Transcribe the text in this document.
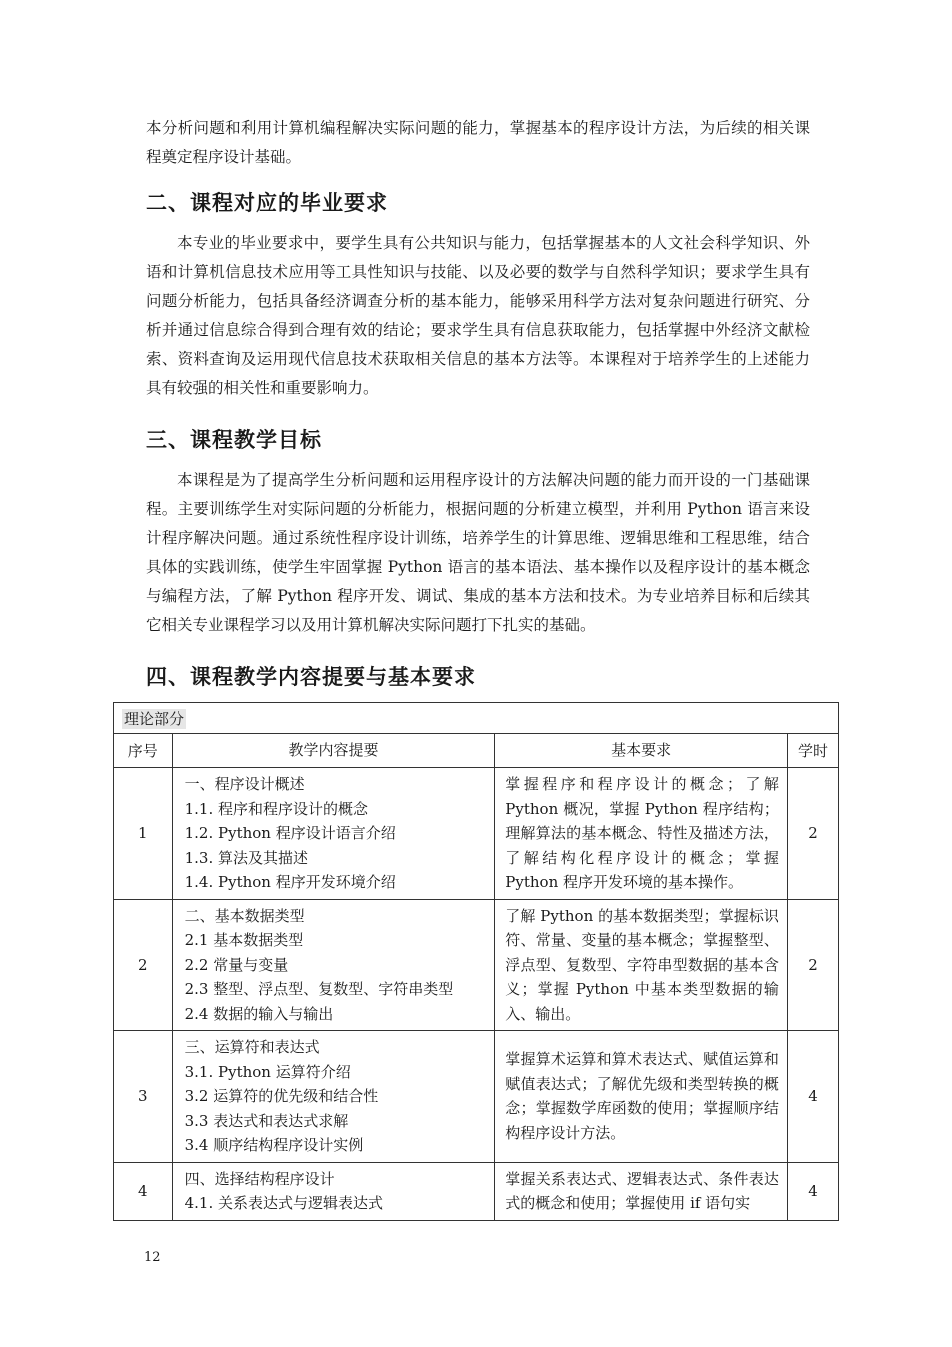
本分析问题和利用计算机编程解决实际问题的能力，掌握基本的程序设计方法，为后续的相关课程奠定程序设计基础。

二、课程对应的毕业要求

本专业的毕业要求中，要学生具有公共知识与能力，包括掌握基本的人文社会科学知识、外语和计算机信息技术应用等工具性知识与技能、以及必要的数学与自然科学知识；要求学生具有问题分析能力，包括具备经济调查分析的基本能力，能够采用科学方法对复杂问题进行研究、分析并通过信息综合得到合理有效的结论；要求学生具有信息获取能力，包括掌握中外经济文献检索、资料查询及运用现代信息技术获取相关信息的基本方法等。本课程对于培养学生的上述能力具有较强的相关性和重要影响力。

三、课程教学目标

本课程是为了提高学生分析问题和运用程序设计的方法解决问题的能力而开设的一门基础课程。主要训练学生对实际问题的分析能力，根据问题的分析建立模型，并利用 Python 语言来设计程序解决问题。通过系统性程序设计训练，培养学生的计算思维、逻辑思维和工程思维，结合具体的实践训练，使学生牢固掌握 Python 语言的基本语法、基本操作以及程序设计的基本概念与编程方法，了解 Python 程序开发、调试、集成的基本方法和技术。为专业培养目标和后续其它相关专业课程学习以及用计算机解决实际问题打下扎实的基础。

四、课程教学内容提要与基本要求
理论部分			
序号	教学内容提要	基本要求	学时
1	一、程序设计概述
1.1. 程序和程序设计的概念
1.2. Python 程序设计语言介绍
1.3. 算法及其描述
1.4. Python 程序开发环境介绍	掌握程序和程序设计的概念；了解 Python 概况，掌握 Python 程序结构；理解算法的基本概念、特性及描述方法，了解结构化程序设计的概念；掌握 Python 程序开发环境的基本操作。	2
2	二、基本数据类型
2.1 基本数据类型
2.2 常量与变量
2.3 整型、浮点型、复数型、字符串类型
2.4 数据的输入与输出	了解 Python 的基本数据类型；掌握标识符、常量、变量的基本概念；掌握整型、浮点型、复数型、字符串型数据的基本含义；掌握 Python 中基本类型数据的输入、输出。	2
3	三、运算符和表达式
3.1. Python 运算符介绍
3.2 运算符的优先级和结合性
3.3 表达式和表达式求解
3.4 顺序结构程序设计实例	掌握算术运算和算术表达式、赋值运算和赋值表达式；了解优先级和类型转换的概念；掌握数学库函数的使用；掌握顺序结构程序设计方法。	4
4	四、选择结构程序设计
4.1. 关系表达式与逻辑表达式	掌握关系表达式、逻辑表达式、条件表达式的概念和使用；掌握使用 if 语句实	4
12
